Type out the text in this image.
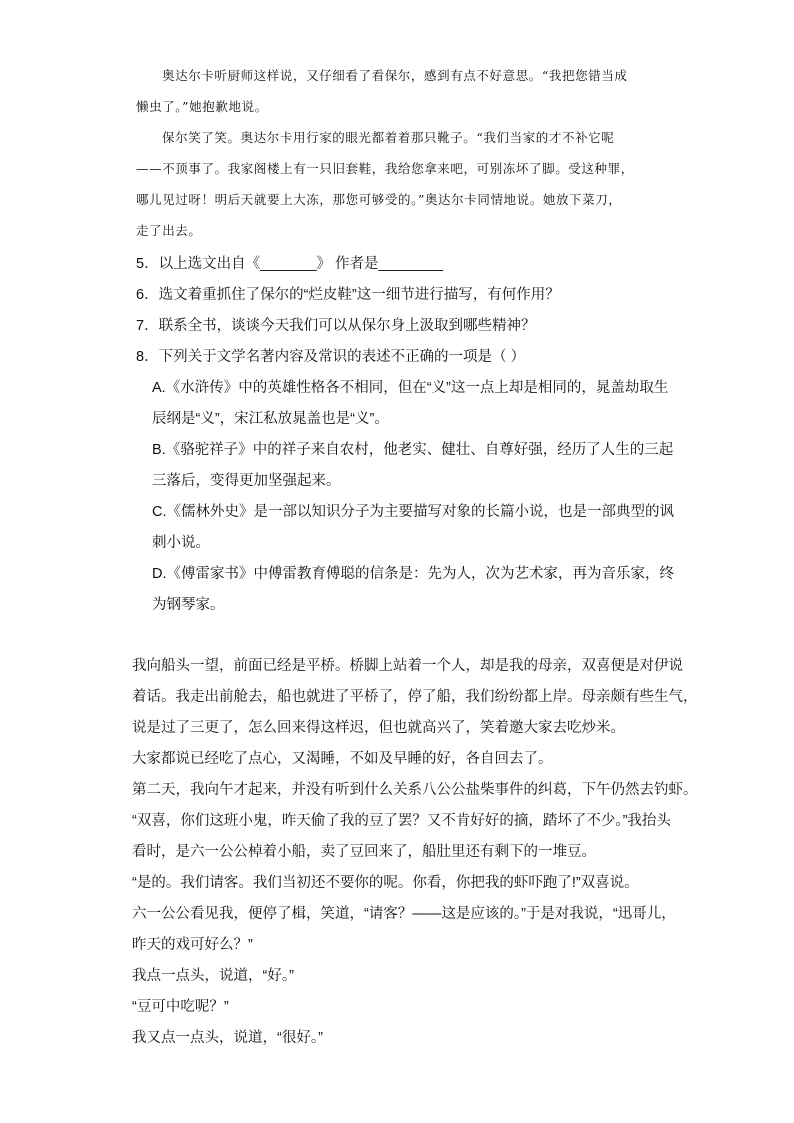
奥达尔卡听厨师这样说，又仔细看了看保尔，感到有点不好意思。“我把您错当成
懒虫了。”她抱歉地说。
保尔笑了笑。奥达尔卡用行家的眼光都着着那只靴子。“我们当家的才不补它呢
——不顶事了。我家阁楼上有一只旧套鞋，我给您拿来吧，可别冻坏了脚。受这种罪，
哪儿见过呀！明后天就要上大冻，那您可够受的。”奥达尔卡同情地说。她放下菜刀，
走了出去。

5．以上选文出自《_______》 作者是________

6．选文着重抓住了保尔的“烂皮鞋”这一细节进行描写，有何作用？

7．联系全书，谈谈今天我们可以从保尔身上汲取到哪些精神？

8．下列关于文学名著内容及常识的表述不正确的一项是（ ）

A.《水浒传》中的英雄性格各不相同，但在“义”这一点上却是相同的，晁盖劫取生
辰纲是“义”，宋江私放晁盖也是“义”。
B.《骆驼祥子》中的祥子来自农村，他老实、健壮、自尊好强，经历了人生的三起
三落后，变得更加坚强起来。
C.《儒林外史》是一部以知识分子为主要描写对象的长篇小说，也是一部典型的讽
刺小说。
D.《傅雷家书》中傅雷教育傅聪的信条是：先为人，次为艺术家，再为音乐家，终
为钢琴家。
我向船头一望，前面已经是平桥。桥脚上站着一个人，却是我的母亲，双喜便是对伊说
着话。我走出前舱去，船也就进了平桥了，停了船，我们纷纷都上岸。母亲颇有些生气，
说是过了三更了，怎么回来得这样迟，但也就高兴了，笑着邀大家去吃炒米。
大家都说已经吃了点心，又渴睡，不如及早睡的好，各自回去了。
第二天，我向午才起来，并没有听到什么关系八公公盐柴事件的纠葛，下午仍然去钓虾。
“双喜，你们这班小鬼，昨天偷了我的豆了罢？又不肯好好的摘，踏坏了不少。”我抬头
看时，是六一公公棹着小船，卖了豆回来了，船肚里还有剩下的一堆豆。
“是的。我们请客。我们当初还不要你的呢。你看，你把我的虾吓跑了!”双喜说。
六一公公看见我，便停了楫，笑道，“请客？——这是应该的。”于是对我说，“迅哥儿，
昨天的戏可好么？”
我点一点头，说道，“好。”
“豆可中吃呢？”
我又点一点头，说道，“很好。”
